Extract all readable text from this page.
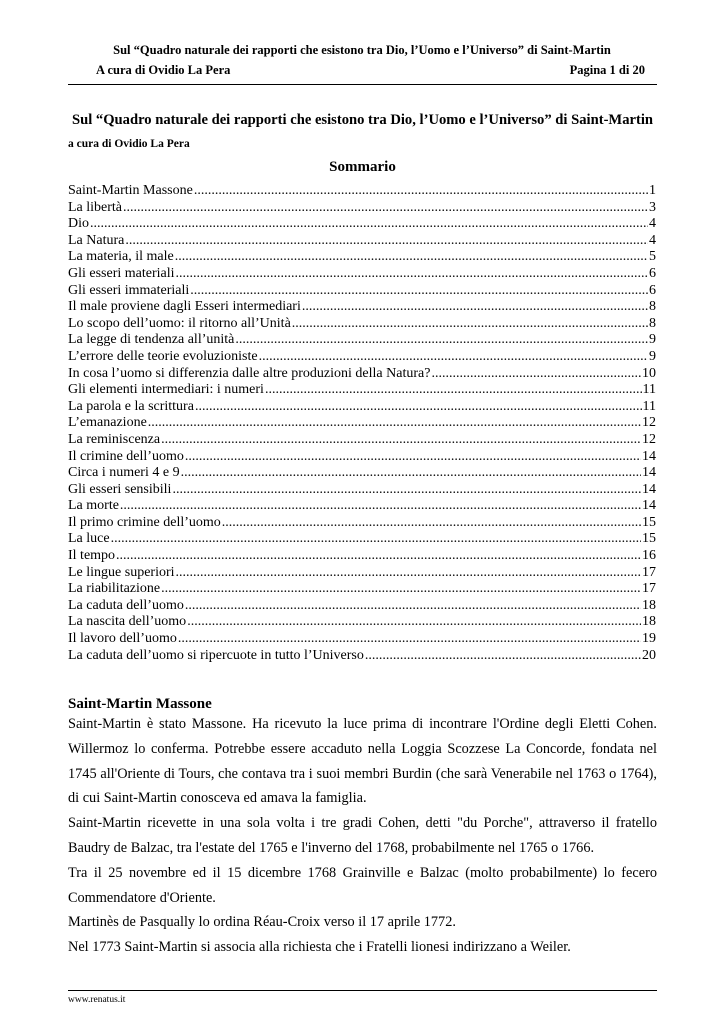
Sul “Quadro naturale dei rapporti che esistono tra Dio, l’Uomo e l’Universo” di Saint-Martin
A cura di Ovidio La Pera	Pagina 1 di 20
Sul “Quadro naturale dei rapporti che esistono tra Dio, l’Uomo e l’Universo” di Saint-Martin
a cura di Ovidio La Pera
Sommario
Saint-Martin Massone .....	1
La libertà .....	3
Dio .....	4
La Natura .....	4
La materia, il male .....	5
Gli esseri materiali .....	6
Gli esseri immateriali .....	6
Il male proviene dagli Esseri intermediari .....	8
Lo scopo dell’uomo: il ritorno all’Unità .....	8
La legge di tendenza all’unità .....	9
L’errore delle teorie evoluzioniste .....	9
In cosa l’uomo si differenzia dalle altre produzioni della Natura? .....	10
Gli elementi intermediari: i numeri .....	11
La parola e la scrittura .....	11
L’emanazione .....	12
La reminiscenza .....	12
Il crimine dell’uomo .....	14
Circa i numeri 4 e 9 .....	14
Gli esseri sensibili .....	14
La morte .....	14
Il primo crimine dell’uomo .....	15
La luce .....	15
Il tempo .....	16
Le lingue superiori .....	17
La riabilitazione .....	17
La caduta dell’uomo .....	18
La nascita dell’uomo .....	18
Il lavoro dell’uomo .....	19
La caduta dell’uomo si ripercuote in tutto l’Universo .....	20
Saint-Martin Massone

Saint-Martin è stato Massone. Ha ricevuto la luce prima di incontrare l'Ordine degli Eletti Cohen. Willermoz lo conferma. Potrebbe essere accaduto nella Loggia Scozzese La Concorde, fondata nel 1745 all'Oriente di Tours, che contava tra i suoi membri Burdin (che sarà Venerabile nel 1763 o 1764), di cui Saint-Martin conosceva ed amava la famiglia.

Saint-Martin ricevette in una sola volta i tre gradi Cohen, detti "du Porche", attraverso il fratello Baudry de Balzac, tra l'estate del 1765 e l'inverno del 1768, probabilmente nel 1765 o 1766.

Tra il 25 novembre ed il 15 dicembre 1768 Grainville e Balzac (molto probabilmente) lo fecero Commendatore d'Oriente.

Martinès de Pasqually lo ordina Réau-Croix verso il 17 aprile 1772.

Nel 1773 Saint-Martin si associa alla richiesta che i Fratelli lionesi indirizzano a Weiler.

www.renatus.it
